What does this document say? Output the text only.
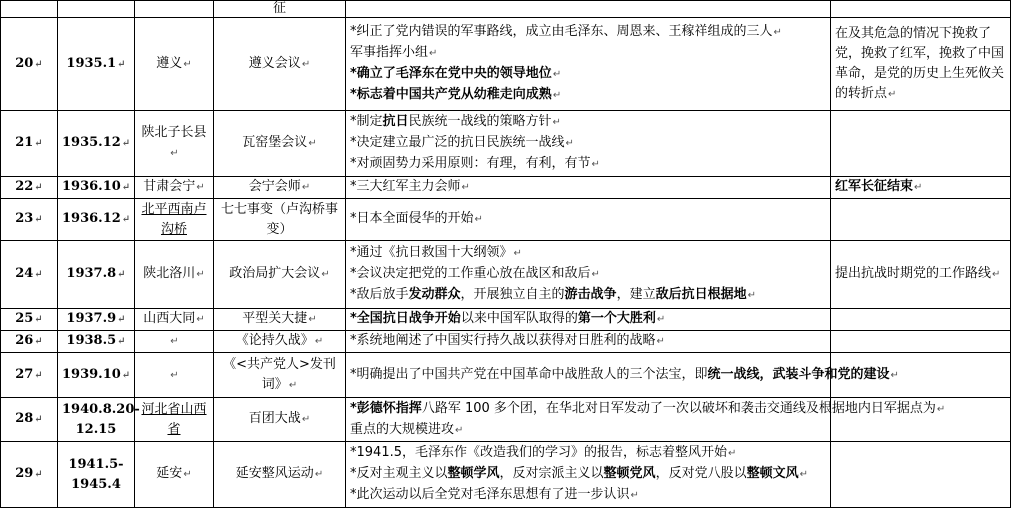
			征		

20↵	1935.1↵	遵义↵	遵义会议↵	*纠正了党内错误的军事路线，成立由毛泽东、周恩来、王稼祥组成的三人↵
军事指挥小组↵
*确立了毛泽东在党中央的领导地位↵
*标志着中国共产党从幼稚走向成熟↵	在及其危急的情况下挽救了党，挽救了红军，挽救了中国革命，是党的历史上生死攸关的转折点↵

21↵	1935.12↵	陕北子长县↵	瓦窑堡会议↵	*制定抗日民族统一战线的策略方针↵
*决定建立最广泛的抗日民族统一战线↵
*对顽固势力采用原则：有理，有利，有节↵	

22↵	1936.10↵	甘肃会宁↵	会宁会师↵	*三大红军主力会师↵	红军长征结束↵

23↵	1936.12↵	北平西南卢沟桥	七七事变（卢沟桥事变）	*日本全面侵华的开始↵	

24↵	1937.8↵	陕北洛川↵	政治局扩大会议↵	*通过《抗日救国十大纲领》↵
*会议决定把党的工作重心放在战区和敌后↵
*敌后放手发动群众，开展独立自主的游击战争，建立敌后抗日根据地↵	提出抗战时期党的工作路线↵

25↵	1937.9↵	山西大同↵	平型关大捷↵	*全国抗日战争开始以来中国军队取得的第一个大胜利↵	

26↵	1938.5↵	↵	《论持久战》↵	*系统地阐述了中国实行持久战以获得对日胜利的战略↵	

27↵	1939.10↵	↵	《<共产党人>发刊词》↵	*明确提出了中国共产党在中国革命中战胜敌人的三个法宝，即统一战线，武装斗争和党的建设↵	

28↵	1940.8.20-12.15	河北省山西省	百团大战↵	*彭德怀指挥八路军 100 多个团，在华北对日军发动了一次以破坏和袭击交通线及根据地内日军据点为↵
重点的大规模进攻↵	

29↵	1941.5-1945.4	延安↵	延安整风运动↵	*1941.5，毛泽东作《改造我们的学习》的报告，标志着整风开始↵
*反对主观主义以整顿学风，反对宗派主义以整顿党风，反对党八股以整顿文风↵
*此次运动以后全党对毛泽东思想有了进一步认识↵	
